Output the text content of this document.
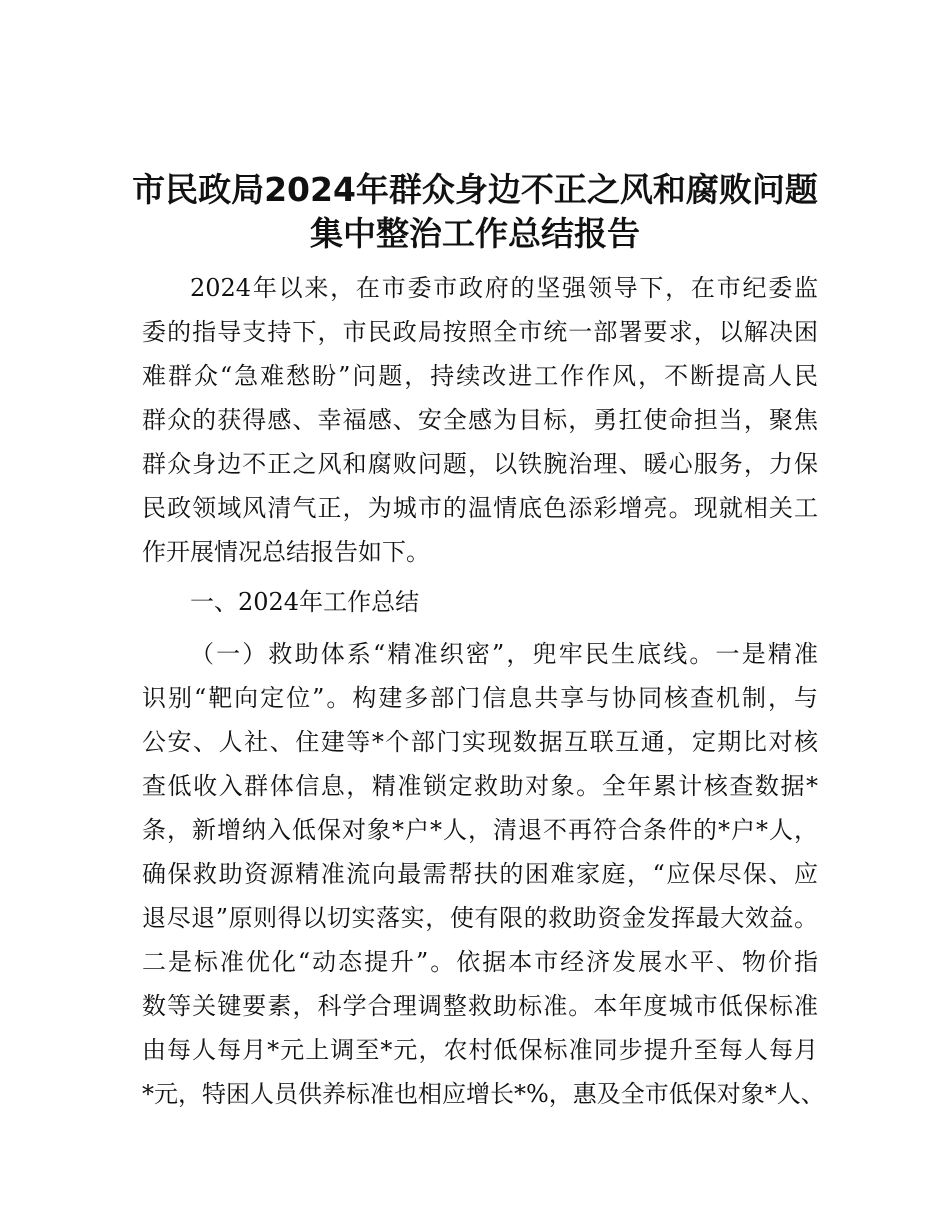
市民政局2024年群众身边不正之风和腐败问题
集中整治工作总结报告
2024年以来，在市委市政府的坚强领导下，在市纪委监
委的指导支持下，市民政局按照全市统一部署要求，以解决困
难群众“急难愁盼”问题，持续改进工作作风，不断提高人民
群众的获得感、幸福感、安全感为目标，勇扛使命担当，聚焦
群众身边不正之风和腐败问题，以铁腕治理、暖心服务，力保
民政领域风清气正，为城市的温情底色添彩增亮。现就相关工
作开展情况总结报告如下。
一、2024年工作总结
（一）救助体系“精准织密”，兜牢民生底线。一是精准
识别“靶向定位”。构建多部门信息共享与协同核查机制，与
公安、人社、住建等*个部门实现数据互联互通，定期比对核
查低收入群体信息，精准锁定救助对象。全年累计核查数据*
条，新增纳入低保对象*户*人，清退不再符合条件的*户*人，
确保救助资源精准流向最需帮扶的困难家庭，“应保尽保、应
退尽退”原则得以切实落实，使有限的救助资金发挥最大效益。
二是标准优化“动态提升”。依据本市经济发展水平、物价指
数等关键要素，科学合理调整救助标准。本年度城市低保标准
由每人每月*元上调至*元，农村低保标准同步提升至每人每月
*元，特困人员供养标准也相应增长*%，惠及全市低保对象*人、
